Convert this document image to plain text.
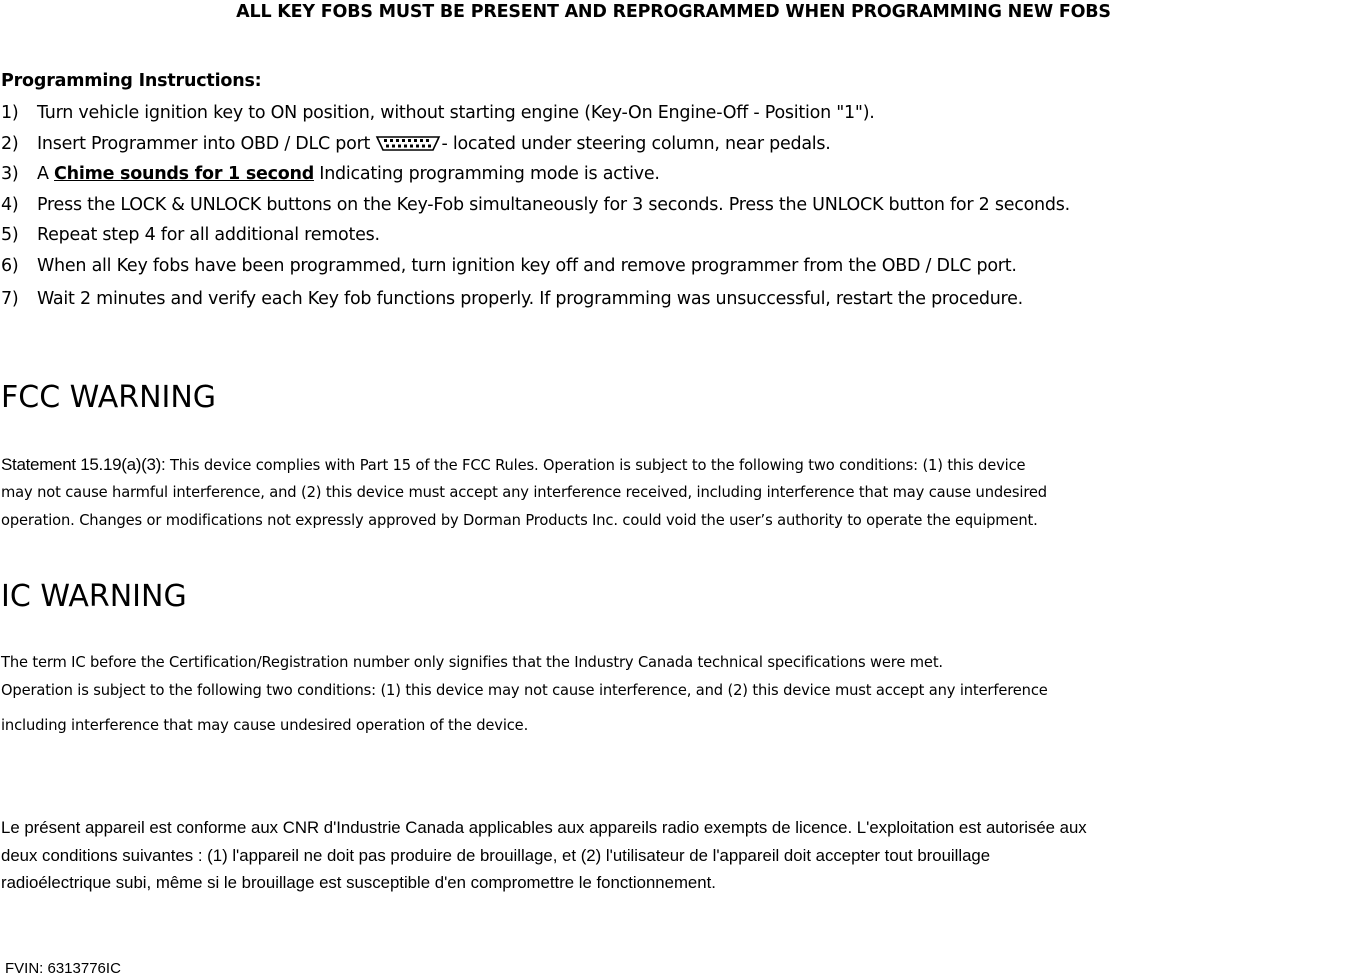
ALL KEY FOBS MUST BE PRESENT AND REPROGRAMMED WHEN PROGRAMMING NEW FOBS
Programming Instructions:
1) Turn vehicle ignition key to ON position, without starting engine (Key-On Engine-Off - Position "1").
2) Insert Programmer into OBD / DLC port	- located under steering column, near pedals.
3) A Chime sounds for 1 second Indicating programming mode is active.
4) Press the LOCK & UNLOCK buttons on the Key-Fob simultaneously for 3 seconds. Press the UNLOCK button for 2 seconds.
5) Repeat step 4 for all additional remotes.
6) When all Key fobs have been programmed, turn ignition key off and remove programmer from the OBD / DLC port.
7) Wait 2 minutes and verify each Key fob functions properly. If programming was unsuccessful, restart the procedure.
FCC WARNING
Statement 15.19(a)(3): This device complies with Part 15 of the FCC Rules. Operation is subject to the following two conditions: (1) this device
may not cause harmful interference, and (2) this device must accept any interference received, including interference that may cause undesired
operation. Changes or modifications not expressly approved by Dorman Products Inc. could void the user’s authority to operate the equipment.
IC WARNING
The term IC before the Certification/Registration number only signifies that the Industry Canada technical specifications were met.
Operation is subject to the following two conditions: (1) this device may not cause interference, and (2) this device must accept any interference
including interference that may cause undesired operation of the device.
Le présent appareil est conforme aux CNR d'Industrie Canada applicables aux appareils radio exempts de licence. L'exploitation est autorisée aux
deux conditions suivantes : (1) l'appareil ne doit pas produire de brouillage, et (2) l'utilisateur de l'appareil doit accepter tout brouillage
radioélectrique subi, même si le brouillage est susceptible d'en compromettre le fonctionnement.
FVIN: 6313776IC
